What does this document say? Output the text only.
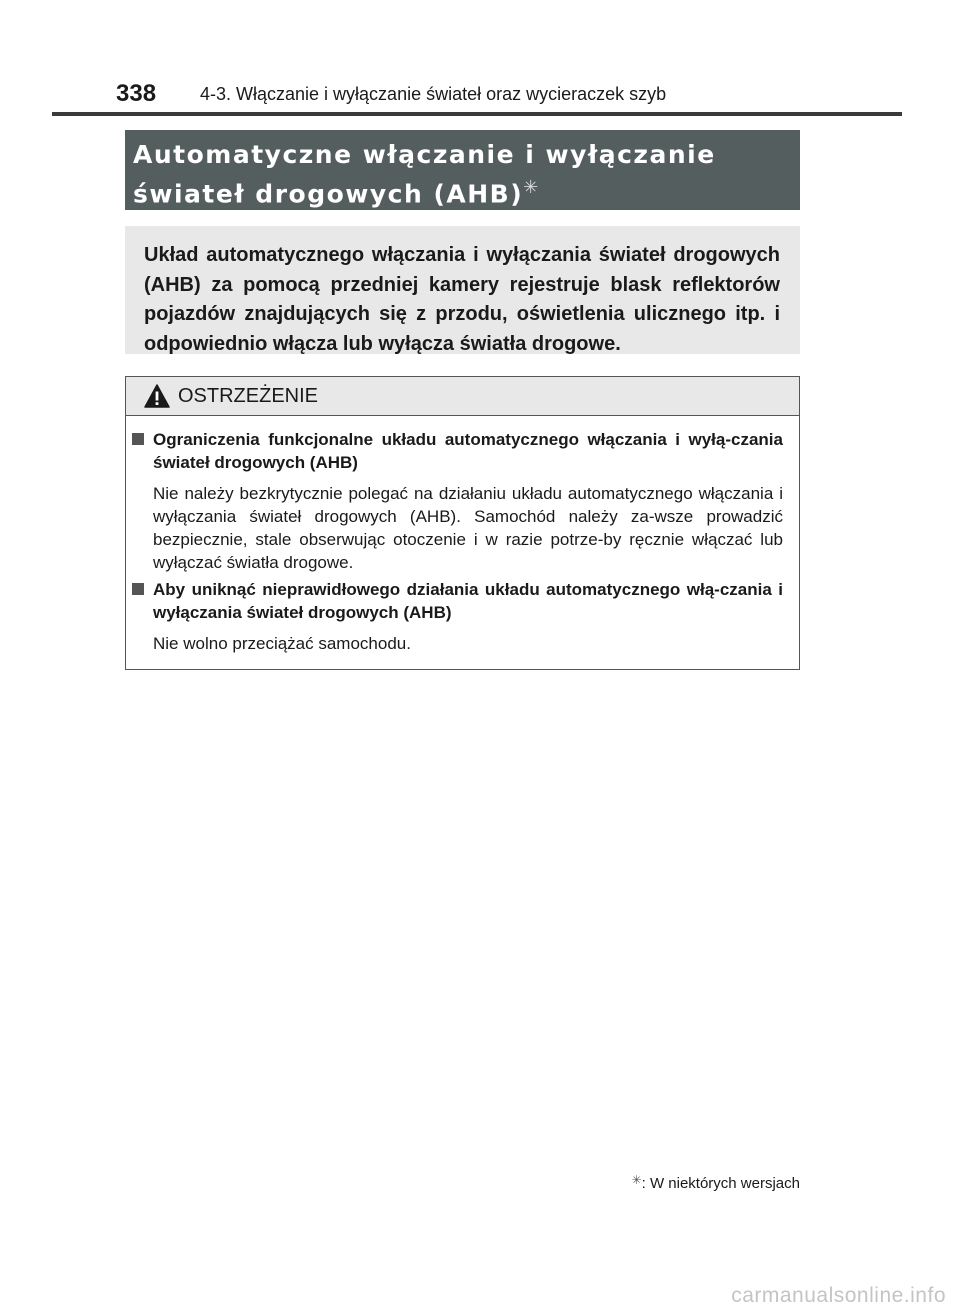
338 4-3. Włączanie i wyłączanie świateł oraz wycieraczek szyb
Automatyczne włączanie i wyłączanie
świateł drogowych (AHB)✳
Układ automatycznego włączania i wyłączania świateł drogowych (AHB) za pomocą przedniej kamery rejestruje blask reflektorów pojazdów znajdujących się z przodu, oświetlenia ulicznego itp. i odpowiednio włącza lub wyłącza światła drogowe.
OSTRZEŻENIE
Ograniczenia funkcjonalne układu automatycznego włączania i wyłą-czania świateł drogowych (AHB)
Nie należy bezkrytycznie polegać na działaniu układu automatycznego włączania i wyłączania świateł drogowych (AHB). Samochód należy za-wsze prowadzić bezpiecznie, stale obserwując otoczenie i w razie potrze-by ręcznie włączać lub wyłączać światła drogowe.
Aby uniknąć nieprawidłowego działania układu automatycznego włą-czania i wyłączania świateł drogowych (AHB)
Nie wolno przeciążać samochodu.
✳: W niektórych wersjach
carmanualsonline.info
